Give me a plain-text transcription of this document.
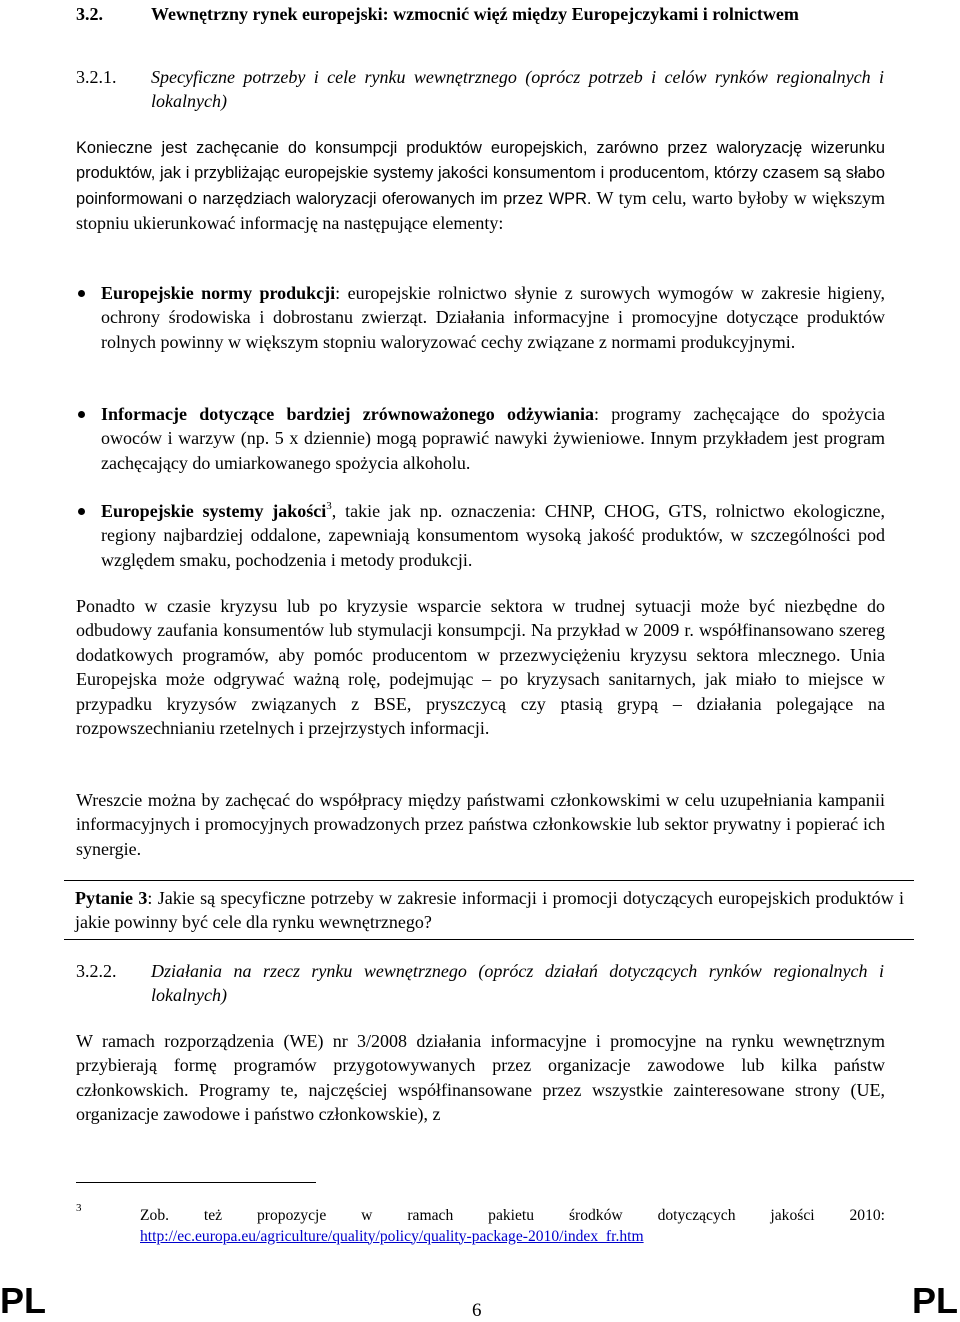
3.2.	Wewnętrzny rynek europejski: wzmocnić więź między Europejczykami i rolnictwem
3.2.1. Specyficzne potrzeby i cele rynku wewnętrznego (oprócz potrzeb i celów rynków regionalnych i lokalnych)

Konieczne jest zachęcanie do konsumpcji produktów europejskich, zarówno przez waloryzację wizerunku produktów, jak i przybliżając europejskie systemy jakości konsumentom i producentom, którzy czasem są słabo poinformowani o narzędziach waloryzacji oferowanych im przez WPR. W tym celu, warto byłoby w większym stopniu ukierunkować informację na następujące elementy:

Europejskie normy produkcji: europejskie rolnictwo słynie z surowych wymogów w zakresie higieny, ochrony środowiska i dobrostanu zwierząt. Działania informacyjne i promocyjne dotyczące produktów rolnych powinny w większym stopniu waloryzować cechy związane z normami produkcyjnymi.
Informacje dotyczące bardziej zrównoważonego odżywiania: programy zachęcające do spożycia owoców i warzyw (np. 5 x dziennie) mogą poprawić nawyki żywieniowe. Innym przykładem jest program zachęcający do umiarkowanego spożycia alkoholu.
Europejskie systemy jakości$^3$, takie jak np. oznaczenia: CHNP, CHOG, GTS, rolnictwo ekologiczne, regiony najbardziej oddalone, zapewniają konsumentom wysoką jakość produktów, w szczególności pod względem smaku, pochodzenia i metody produkcji.

Ponadto w czasie kryzysu lub po kryzysie wsparcie sektora w trudnej sytuacji może być niezbędne do odbudowy zaufania konsumentów lub stymulacji konsumpcji. Na przykład w 2009 r. współfinansowano szereg dodatkowych programów, aby pomóc producentom w przezwyciężeniu kryzysu sektora mlecznego. Unia Europejska może odgrywać ważną rolę, podejmując – po kryzysach sanitarnych, jak miało to miejsce w przypadku kryzysów związanych z BSE, pryszczycą czy ptasią grypą – działania polegające na rozpowszechnianiu rzetelnych i przejrzystych informacji.

Wreszcie można by zachęcać do współpracy między państwami członkowskimi w celu uzupełniania kampanii informacyjnych i promocyjnych prowadzonych przez państwa członkowskie lub sektor prywatny i popierać ich synergie.

Pytanie 3: Jakie są specyficzne potrzeby w zakresie informacji i promocji dotyczących europejskich produktów i jakie powinny być cele dla rynku wewnętrznego?
3.2.2. Działania na rzecz rynku wewnętrznego (oprócz działań dotyczących rynków regionalnych i lokalnych)

W ramach rozporządzenia (WE) nr 3/2008 działania informacyjne i promocyjne na rynku wewnętrznym przybierają formę programów przygotowywanych przez organizacje zawodowe lub kilka państw członkowskich. Programy te, najczęściej współfinansowane przez wszystkie zainteresowane strony (UE, organizacje zawodowe i państwo członkowskie), z

3	Zob. też propozycje w ramach pakietu środków dotyczących jakości 2010: http://ec.europa.eu/agriculture/quality/policy/quality-package-2010/index_fr.htm
PL	6	PL
